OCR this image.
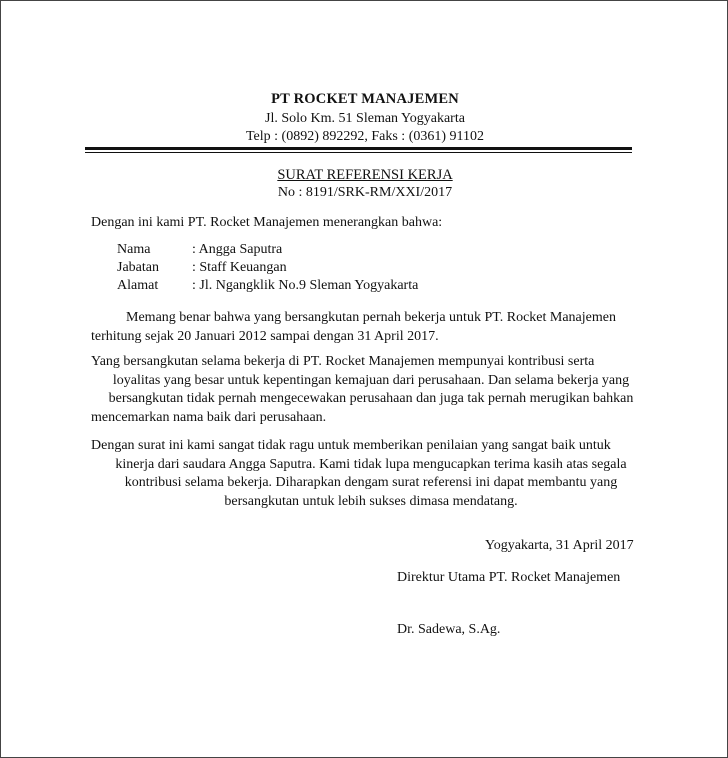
PT ROCKET MANAJEMEN
Jl. Solo Km. 51 Sleman Yogyakarta
Telp : (0892) 892292, Faks : (0361) 91102
SURAT REFERENSI KERJA
No : 8191/SRK-RM/XXI/2017
Dengan ini kami PT. Rocket Manajemen menerangkan bahwa:
Nama	: Angga Saputra
Jabatan : Staff Keuangan
Alamat : Jl. Ngangklik No.9 Sleman Yogyakarta
Memang benar bahwa yang bersangkutan pernah bekerja untuk PT. Rocket Manajemen
terhitung sejak 20 Januari 2012 sampai dengan 31 April 2017.
Yang bersangkutan selama bekerja di PT. Rocket Manajemen mempunyai kontribusi serta
loyalitas yang besar untuk kepentingan kemajuan dari perusahaan. Dan selama bekerja yang
bersangkutan tidak pernah mengecewakan perusahaan dan juga tak pernah merugikan bahkan
mencemarkan nama baik dari perusahaan.
Dengan surat ini kami sangat tidak ragu untuk memberikan penilaian yang sangat baik untuk
kinerja dari saudara Angga Saputra. Kami tidak lupa mengucapkan terima kasih atas segala
kontribusi selama bekerja. Diharapkan dengam surat referensi ini dapat membantu yang
bersangkutan untuk lebih sukses dimasa mendatang.
Yogyakarta, 31 April 2017
Direktur Utama PT. Rocket Manajemen
Dr. Sadewa, S.Ag.
